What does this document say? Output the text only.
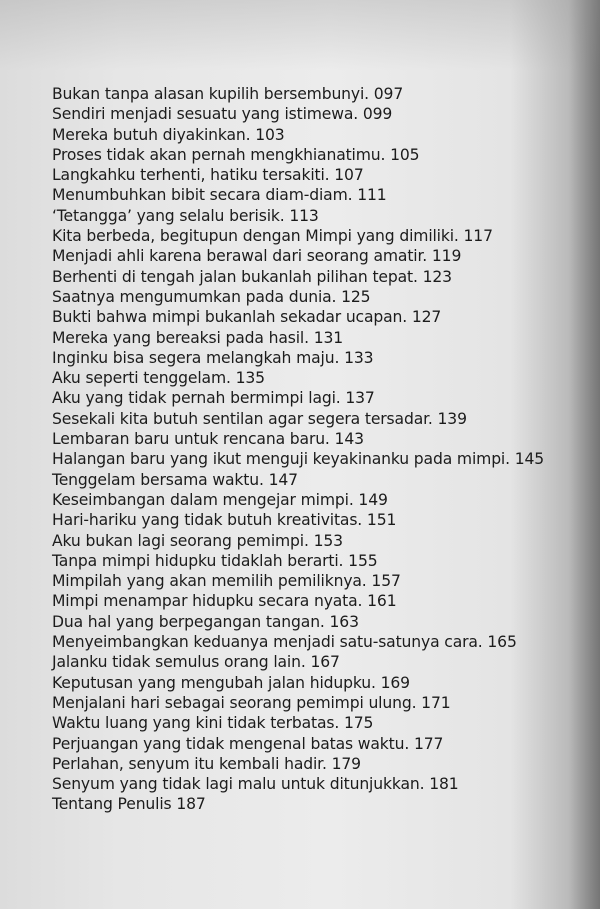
Bukan tanpa alasan kupilih bersembunyi. 097
Sendiri menjadi sesuatu yang istimewa. 099
Mereka butuh diyakinkan. 103
Proses tidak akan pernah mengkhianatimu. 105
Langkahku terhenti, hatiku tersakiti. 107
Menumbuhkan bibit secara diam-diam. 111
‘Tetangga’ yang selalu berisik. 113
Kita berbeda, begitupun dengan Mimpi yang dimiliki. 117
Menjadi ahli karena berawal dari seorang amatir. 119
Berhenti di tengah jalan bukanlah pilihan tepat. 123
Saatnya mengumumkan pada dunia. 125
Bukti bahwa mimpi bukanlah sekadar ucapan. 127
Mereka yang bereaksi pada hasil. 131
Inginku bisa segera melangkah maju. 133
Aku seperti tenggelam. 135
Aku yang tidak pernah bermimpi lagi. 137
Sesekali kita butuh sentilan agar segera tersadar. 139
Lembaran baru untuk rencana baru. 143
Halangan baru yang ikut menguji keyakinanku pada mimpi. 145
Tenggelam bersama waktu. 147
Keseimbangan dalam mengejar mimpi. 149
Hari-hariku yang tidak butuh kreativitas. 151
Aku bukan lagi seorang pemimpi. 153
Tanpa mimpi hidupku tidaklah berarti. 155
Mimpilah yang akan memilih pemiliknya. 157
Mimpi menampar hidupku secara nyata. 161
Dua hal yang berpegangan tangan. 163
Menyeimbangkan keduanya menjadi satu-satunya cara. 165
Jalanku tidak semulus orang lain. 167
Keputusan yang mengubah jalan hidupku. 169
Menjalani hari sebagai seorang pemimpi ulung. 171
Waktu luang yang kini tidak terbatas. 175
Perjuangan yang tidak mengenal batas waktu. 177
Perlahan, senyum itu kembali hadir. 179
Senyum yang tidak lagi malu untuk ditunjukkan. 181
Tentang Penulis 187
